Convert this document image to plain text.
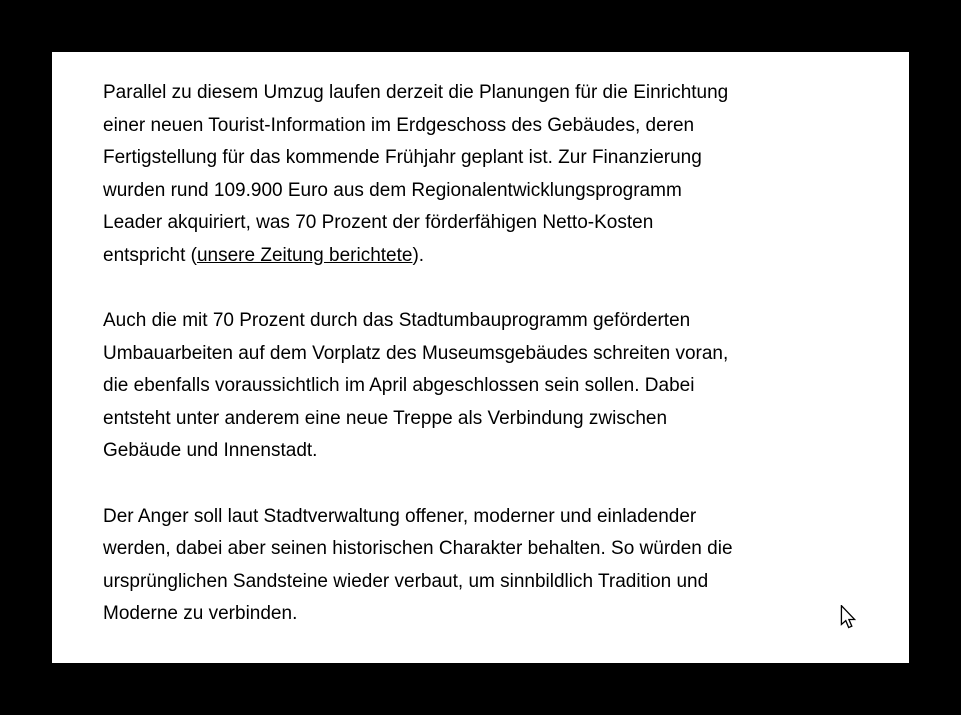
Parallel zu diesem Umzug laufen derzeit die Planungen für die Einrichtung
einer neuen Tourist-Information im Erdgeschoss des Gebäudes, deren
Fertigstellung für das kommende Frühjahr geplant ist. Zur Finanzierung
wurden rund 109.900 Euro aus dem Regionalentwicklungsprogramm
Leader akquiriert, was 70 Prozent der förderfähigen Netto-Kosten
entspricht (unsere Zeitung berichtete).
Auch die mit 70 Prozent durch das Stadtumbauprogramm geförderten
Umbauarbeiten auf dem Vorplatz des Museumsgebäudes schreiten voran,
die ebenfalls voraussichtlich im April abgeschlossen sein sollen. Dabei
entsteht unter anderem eine neue Treppe als Verbindung zwischen
Gebäude und Innenstadt.
Der Anger soll laut Stadtverwaltung offener, moderner und einladender
werden, dabei aber seinen historischen Charakter behalten. So würden die
ursprünglichen Sandsteine wieder verbaut, um sinnbildlich Tradition und
Moderne zu verbinden.
